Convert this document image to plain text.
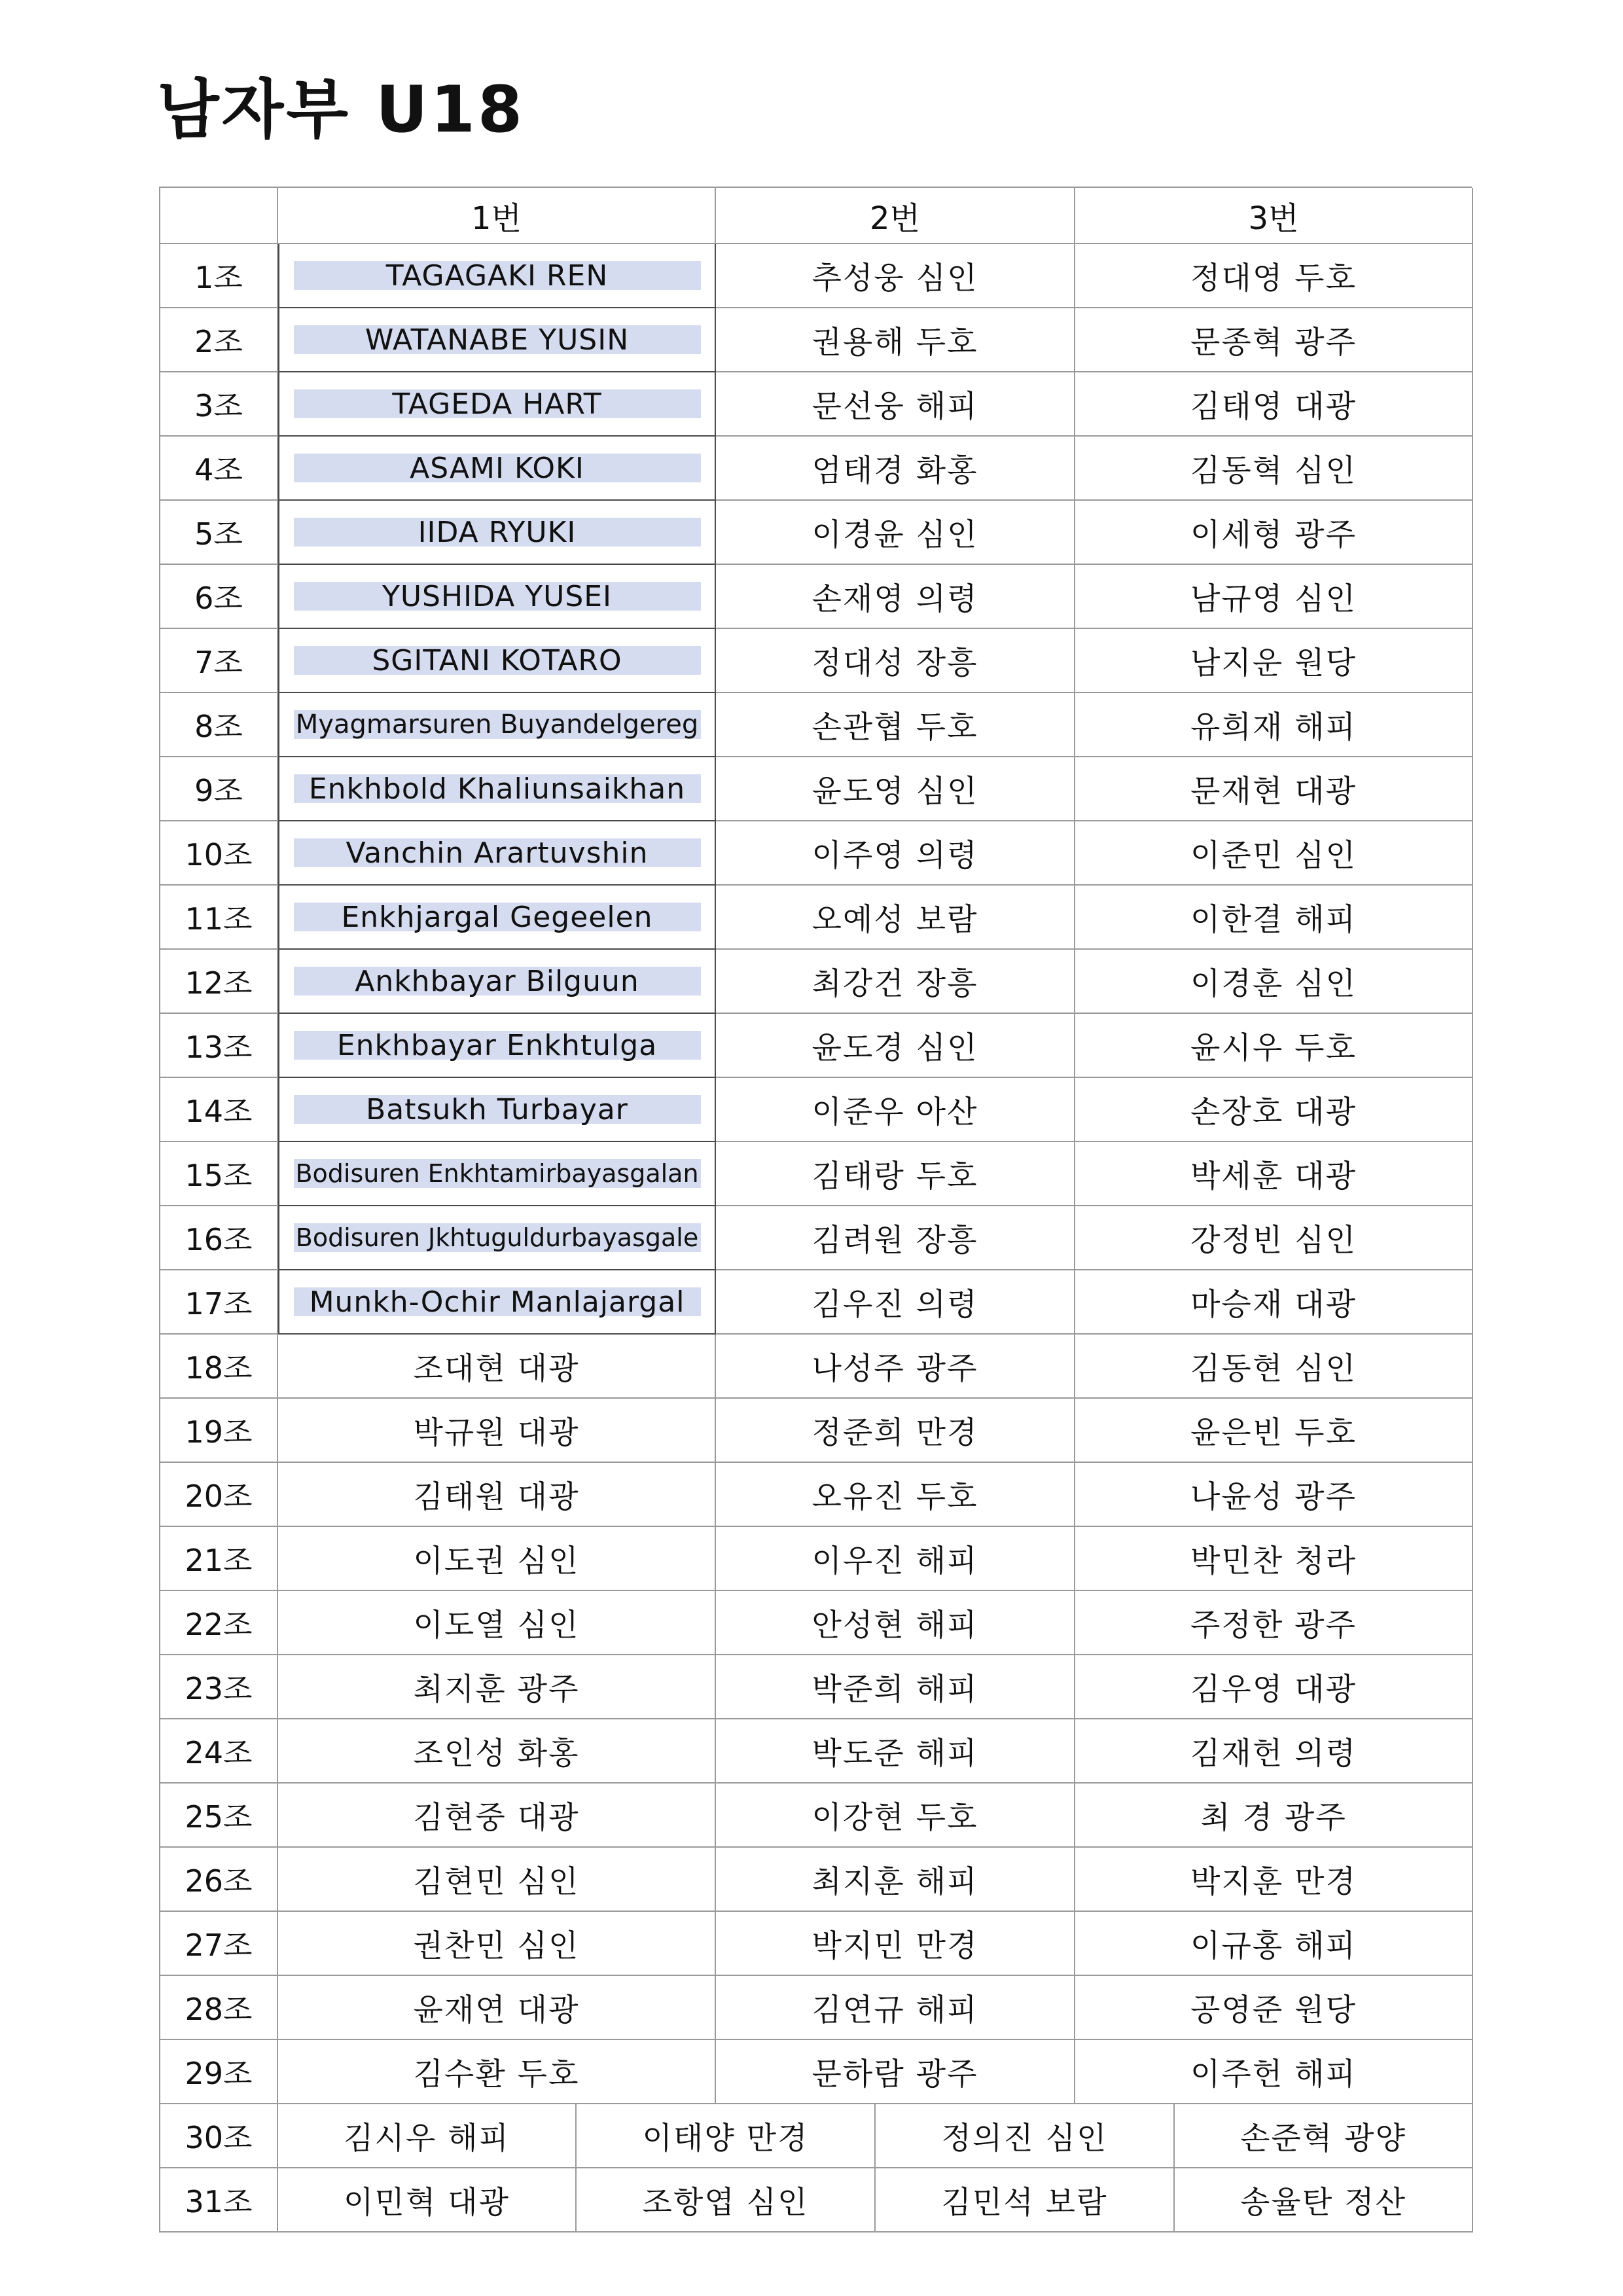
남자부 U18
1번	2번	3번
1조	TAGAGAKI REN	추성웅 심인	정대영 두호
2조	WATANABE YUSIN	권용해 두호	문종혁 광주
3조	TAGEDA HART	문선웅 해피	김태영 대광
4조	ASAMI KOKI	엄태경 화홍	김동혁 심인
5조	IIDA RYUKI	이경윤 심인	이세형 광주
6조	YUSHIDA YUSEI	손재영 의령	남규영 심인
7조	SGITANI KOTARO	정대성 장흥	남지운 원당
8조	Myagmarsuren Buyandelgereg	손관협 두호	유희재 해피
9조	Enkhbold Khaliunsaikhan	윤도영 심인	문재현 대광
10조	Vanchin Arartuvshin	이주영 의령	이준민 심인
11조	Enkhjargal Gegeelen	오예성 보람	이한결 해피
12조	Ankhbayar Bilguun	최강건 장흥	이경훈 심인
13조	Enkhbayar Enkhtulga	윤도경 심인	윤시우 두호
14조	Batsukh Turbayar	이준우 아산	손장호 대광
15조	Bodisuren Enkhtamirbayasgalan	김태랑 두호	박세훈 대광
16조	Bodisuren Jkhtuguldurbayasgale	김려원 장흥	강정빈 심인
17조	Munkh-Ochir Manlajargal	김우진 의령	마승재 대광
18조	조대현 대광	나성주 광주	김동현 심인
19조	박규원 대광	정준희 만경	윤은빈 두호
20조	김태원 대광	오유진 두호	나윤성 광주
21조	이도권 심인	이우진 해피	박민찬 청라
22조	이도열 심인	안성현 해피	주정한 광주
23조	최지훈 광주	박준희 해피	김우영 대광
24조	조인성 화홍	박도준 해피	김재헌 의령
25조	김현중 대광	이강현 두호	최 경 광주
26조	김현민 심인	최지훈 해피	박지훈 만경
27조	권찬민 심인	박지민 만경	이규홍 해피
28조	윤재연 대광	김연규 해피	공영준 원당
29조	김수환 두호	문하람 광주	이주헌 해피
30조	김시우 해피	이태양 만경	정의진 심인	손준혁 광양
31조	이민혁 대광	조항엽 심인	김민석 보람	송율탄 정산
